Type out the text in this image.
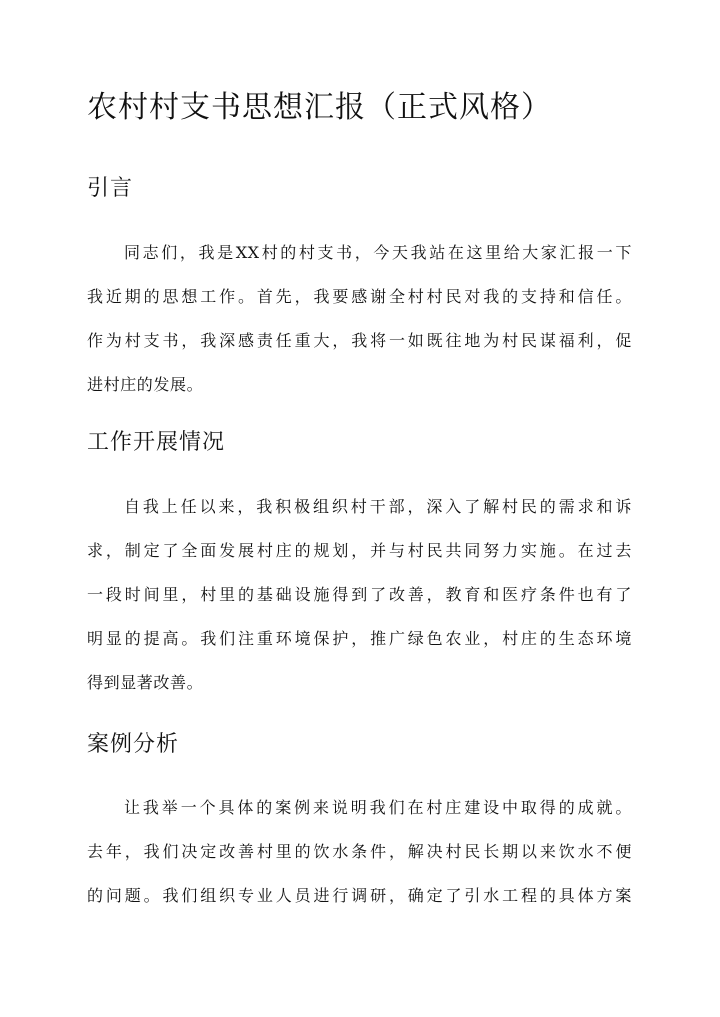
农村村支书思想汇报（正式风格）
引言
同志们，我是XX村的村支书，今天我站在这里给大家汇报一下
我近期的思想工作。首先，我要感谢全村村民对我的支持和信任。
作为村支书，我深感责任重大，我将一如既往地为村民谋福利，促
进村庄的发展。
工作开展情况
自我上任以来，我积极组织村干部，深入了解村民的需求和诉
求，制定了全面发展村庄的规划，并与村民共同努力实施。在过去
一段时间里，村里的基础设施得到了改善，教育和医疗条件也有了
明显的提高。我们注重环境保护，推广绿色农业，村庄的生态环境
得到显著改善。
案例分析
让我举一个具体的案例来说明我们在村庄建设中取得的成就。
去年，我们决定改善村里的饮水条件，解决村民长期以来饮水不便
的问题。我们组织专业人员进行调研，确定了引水工程的具体方案
